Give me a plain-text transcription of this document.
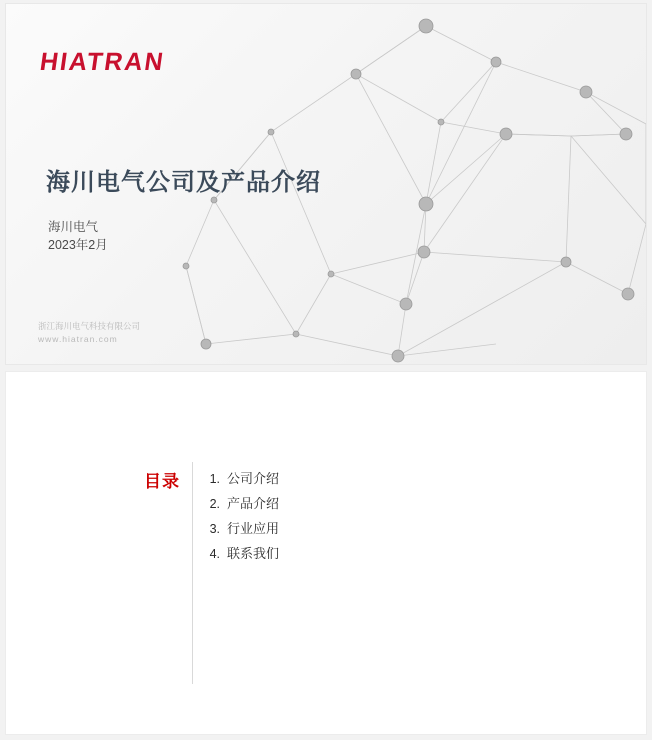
HIATRAN
海川电气公司及产品介绍
海川电气
2023年2月
浙江海川电气科技有限公司
www.hiatran.com
目录	1. 公司介绍
2. 产品介绍
3. 行业应用
4. 联系我们
